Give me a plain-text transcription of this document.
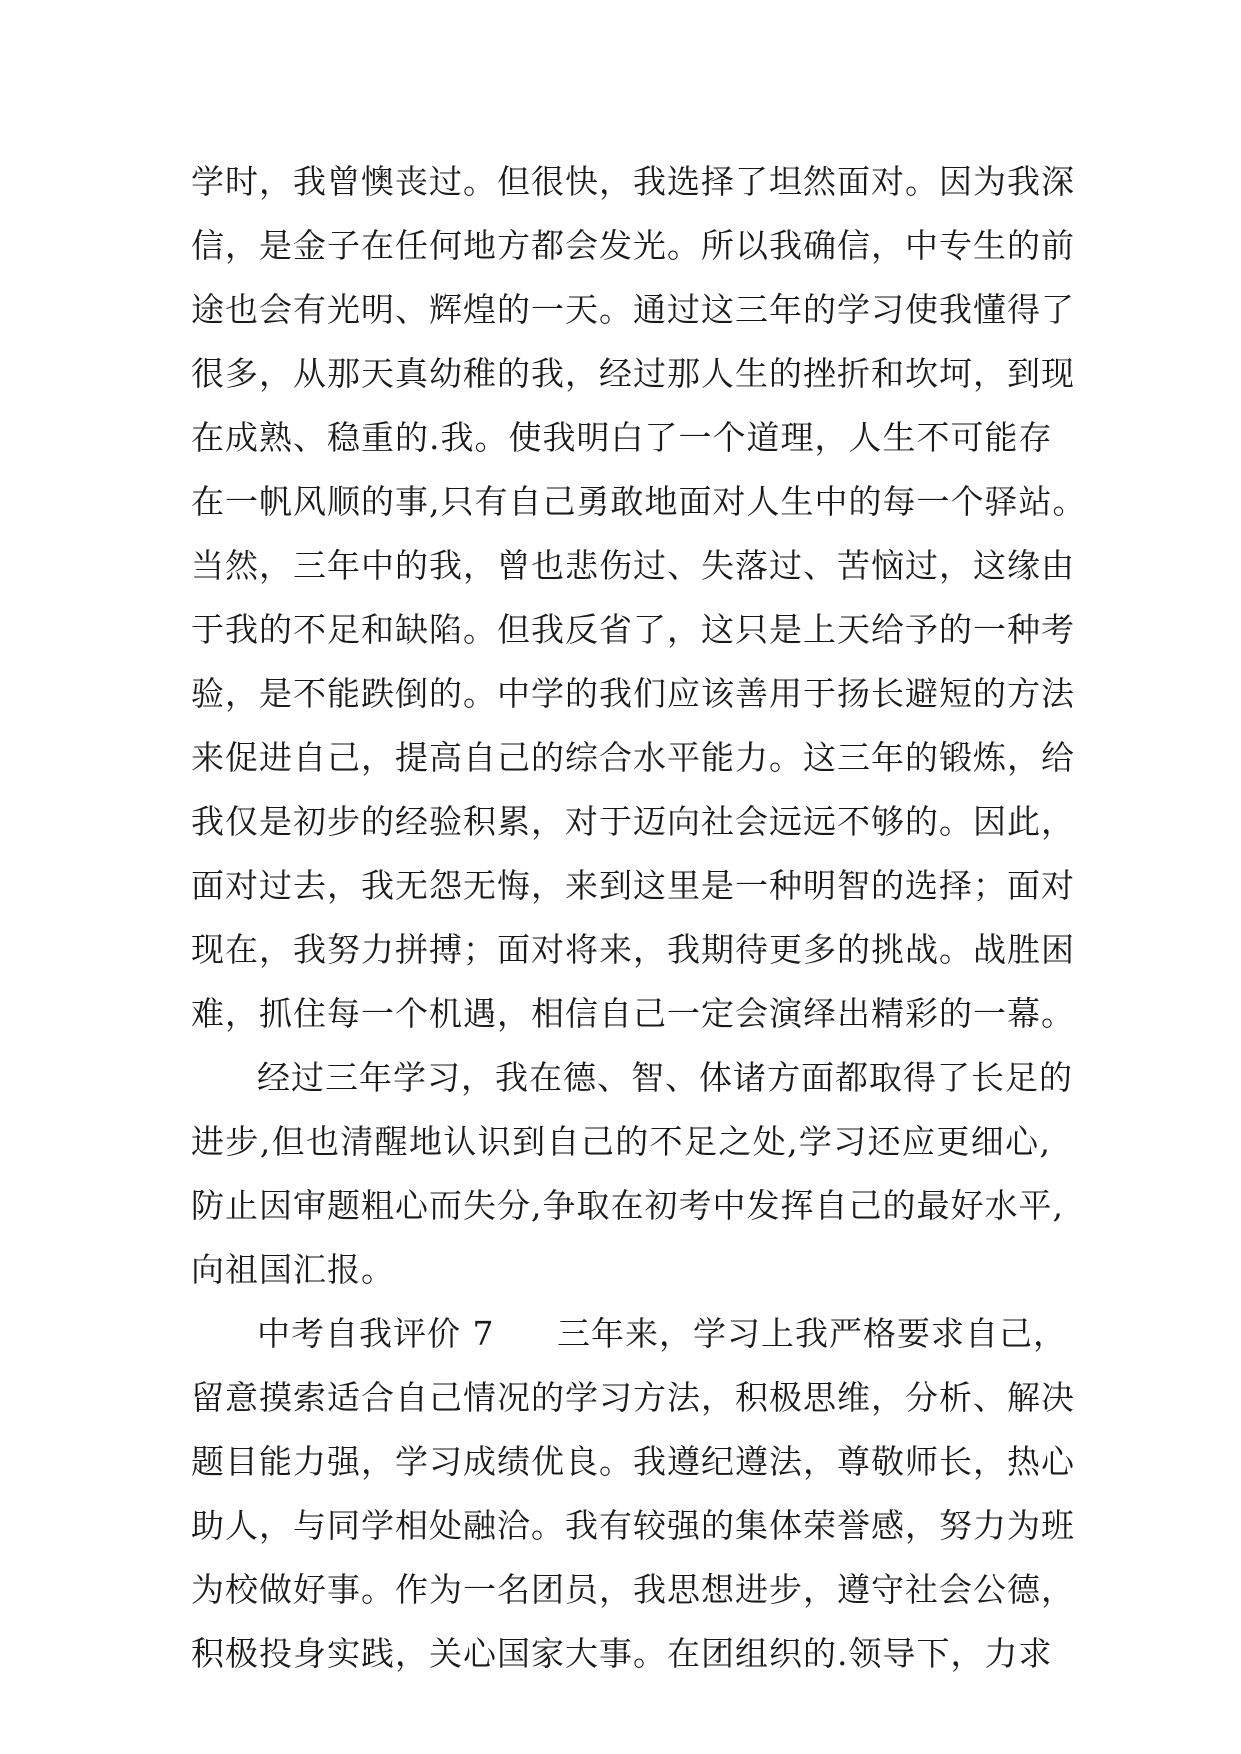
学时，我曾懊丧过。但很快，我选择了坦然面对。因为我深
信，是金子在任何地方都会发光。所以我确信，中专生的前
途也会有光明、辉煌的一天。通过这三年的学习使我懂得了
很多，从那天真幼稚的我，经过那人生的挫折和坎坷，到现
在成熟、稳重的.我。使我明白了一个道理，人生不可能存
在一帆风顺的事,只有自己勇敢地面对人生中的每一个驿站。
当然，三年中的我，曾也悲伤过、失落过、苦恼过，这缘由
于我的不足和缺陷。但我反省了，这只是上天给予的一种考
验，是不能跌倒的。中学的我们应该善用于扬长避短的方法
来促进自己，提高自己的综合水平能力。这三年的锻炼，给
我仅是初步的经验积累，对于迈向社会远远不够的。因此，
面对过去，我无怨无悔，来到这里是一种明智的选择；面对
现在，我努力拼搏；面对将来，我期待更多的挑战。战胜困
难，抓住每一个机遇，相信自己一定会演绎出精彩的一幕。
经过三年学习，我在德、智、体诸方面都取得了长足的
进步,但也清醒地认识到自己的不足之处,学习还应更细心,
防止因审题粗心而失分,争取在初考中发挥自己的最好水平,
向祖国汇报。
中考自我评价 7 三年来，学习上我严格要求自己，
留意摸索适合自己情况的学习方法，积极思维，分析、解决
题目能力强，学习成绩优良。我遵纪遵法，尊敬师长，热心
助人，与同学相处融洽。我有较强的集体荣誉感，努力为班
为校做好事。作为一名团员，我思想进步，遵守社会公德，
积极投身实践，关心国家大事。在团组织的.领导下，力求
